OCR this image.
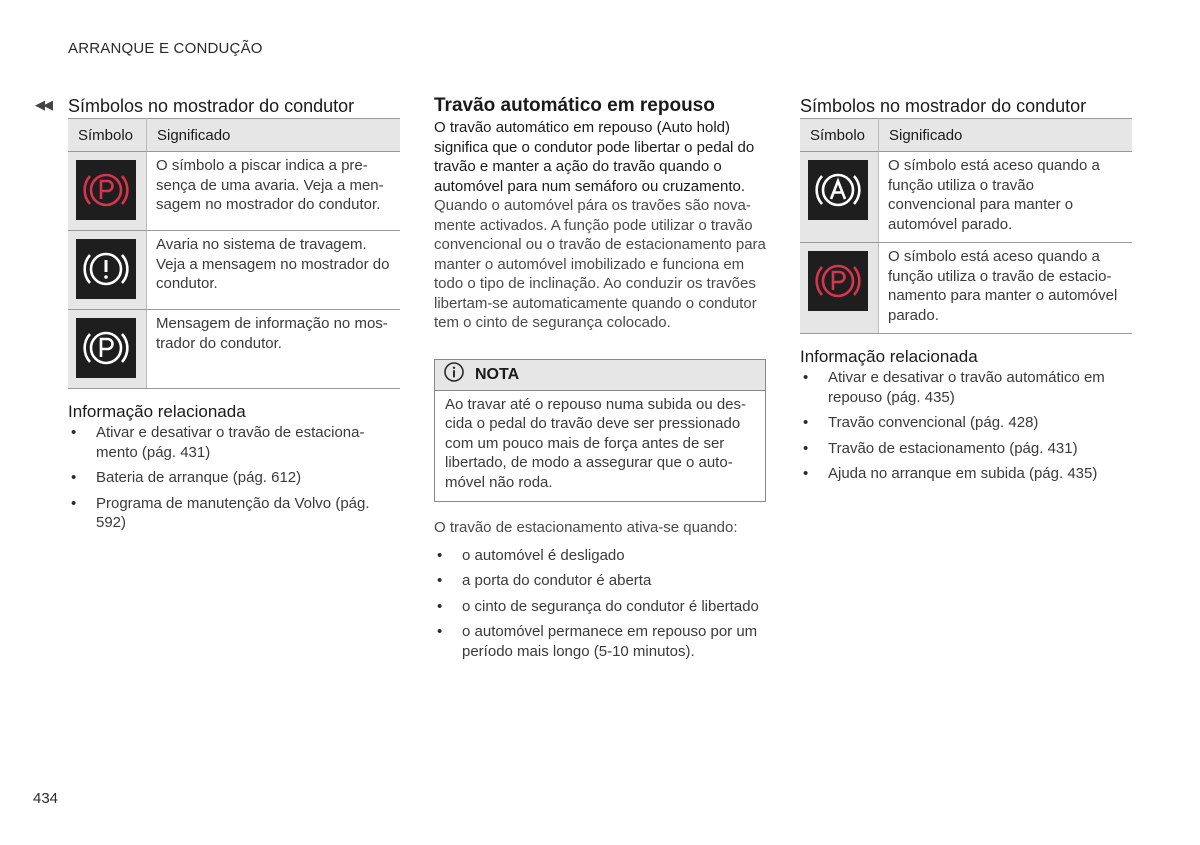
ARRANQUE E CONDUÇÃO
◀◀ Símbolos no mostrador do condutor
Símbolo	Significado

	O símbolo a piscar indica a pre-sença de uma avaria. Veja a men-sagem no mostrador do condutor.

	Avaria no sistema de travagem. Veja a mensagem no mostrador do condutor.

	Mensagem de informação no mos-trador do condutor.
Informação relacionada
• Ativar e desativar o travão de estaciona-mento (pág. 431)
• Bateria de arranque (pág. 612)
• Programa de manutenção da Volvo (pág. 592)
Travão automático em repouso

O travão automático em repouso (Auto hold) significa que o condutor pode libertar o pedal do travão e manter a ação do travão quando o automóvel para num semáforo ou cruzamento.

Quando o automóvel pára os travões são nova-mente activados. A função pode utilizar o travão convencional ou o travão de estacionamento para manter o automóvel imobilizado e funciona em todo o tipo de inclinação. Ao conduzir os travões libertam-se automaticamente quando o condutor tem o cinto de segurança colocado.

NOTA
Ao travar até o repouso numa subida ou des-cida o pedal do travão deve ser pressionado com um pouco mais de força antes de ser libertado, de modo a assegurar que o auto-móvel não roda.

O travão de estacionamento ativa-se quando:

• o automóvel é desligado
• a porta do condutor é aberta
• o cinto de segurança do condutor é libertado
• o automóvel permanece em repouso por um período mais longo (5-10 minutos).
Símbolos no mostrador do condutor
Símbolo	Significado

	O símbolo está aceso quando a função utiliza o travão convencional para manter o automóvel parado.

	O símbolo está aceso quando a função utiliza o travão de estacio-namento para manter o automóvel parado.
Informação relacionada
• Ativar e desativar o travão automático em repouso (pág. 435)
• Travão convencional (pág. 428)
• Travão de estacionamento (pág. 431)
• Ajuda no arranque em subida (pág. 435)
434
